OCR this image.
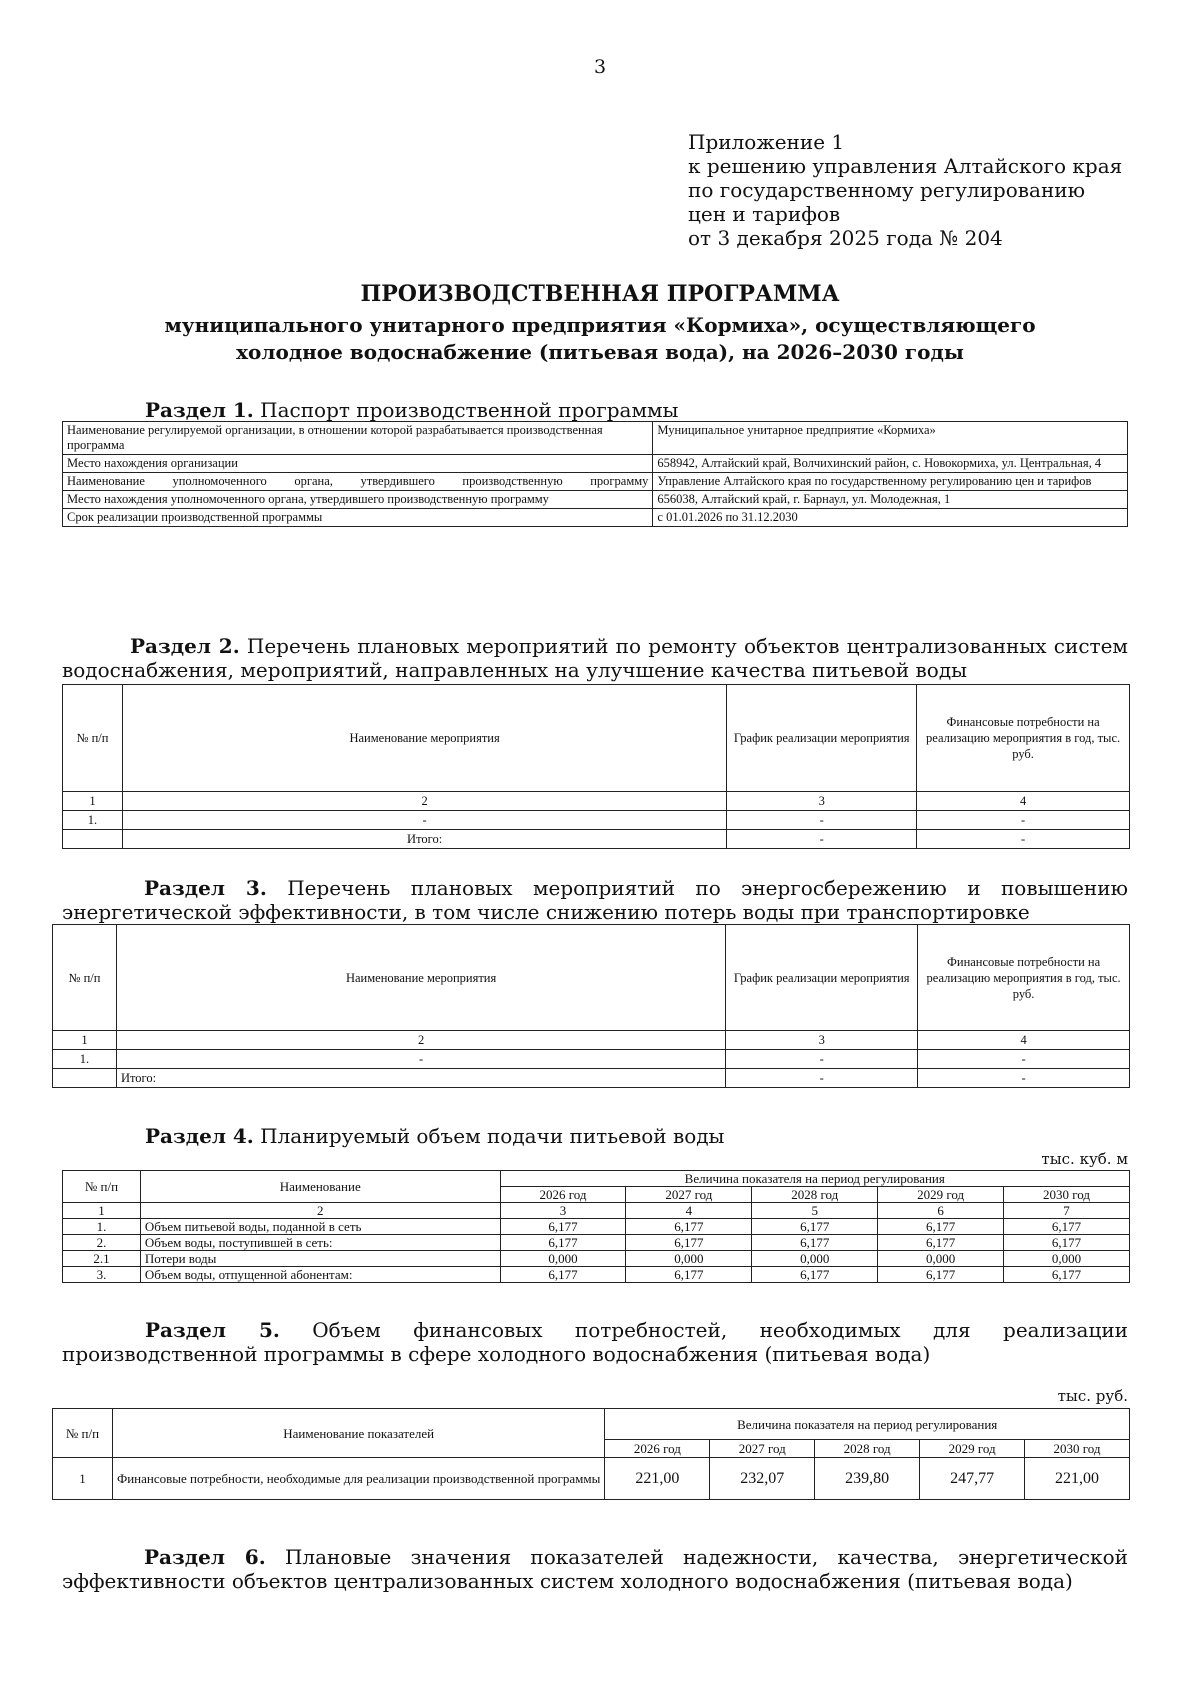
3
Приложение 1
к решению управления Алтайского края
по государственному регулированию
цен и тарифов
от 3 декабря 2025 года № 204
ПРОИЗВОДСТВЕННАЯ ПРОГРАММА
муниципального унитарного предприятия «Кормиха», осуществляющего холодное водоснабжение (питьевая вода), на 2026–2030 годы
Раздел 1. Паспорт производственной программы
Наименование регулируемой организации, в отношении которой разрабатывается производственная программа	Муниципальное унитарное предприятие «Кормиха»
Место нахождения организации	658942, Алтайский край, Волчихинский район, с. Новокормиха, ул. Центральная, 4
Наименование уполномоченного органа, утвердившего производственную программу	Управление Алтайского края по государственному регулированию цен и тарифов
Место нахождения уполномоченного органа, утвердившего производственную программу	656038, Алтайский край, г. Барнаул, ул. Молодежная, 1
Срок реализации производственной программы	с 01.01.2026 по 31.12.2030
Раздел 2. Перечень плановых мероприятий по ремонту объектов централизованных систем водоснабжения, мероприятий, направленных на улучшение качества питьевой воды
№ п/п	Наименование мероприятия	График реализации мероприятия	Финансовые потребности на реализацию мероприятия в год, тыс. руб.
1	2	3	4
1.	-	-	-
	Итого:	-	-
Раздел 3. Перечень плановых мероприятий по энергосбережению и повышению энергетической эффективности, в том числе снижению потерь воды при транспортировке
№ п/п	Наименование мероприятия	График реализации мероприятия	Финансовые потребности на реализацию мероприятия в год, тыс. руб.
1	2	3	4
1.	-	-	-
	Итого:	-	-
Раздел 4. Планируемый объем подачи питьевой воды
тыс. куб. м
№ п/п	Наименование	Величина показателя на период регулирования				
		2026 год	2027 год	2028 год	2029 год	2030 год
1	2	3	4	5	6	7
1.	Объем питьевой воды, поданной в сеть	6,177	6,177	6,177	6,177	6,177
2.	Объем воды, поступившей в сеть:	6,177	6,177	6,177	6,177	6,177
2.1	Потери воды	0,000	0,000	0,000	0,000	0,000
3.	Объем воды, отпущенной абонентам:	6,177	6,177	6,177	6,177	6,177
Раздел 5. Объем финансовых потребностей, необходимых для реализации производственной программы в сфере холодного водоснабжения (питьевая вода)
тыс. руб.
№ п/п	Наименование показателей	Величина показателя на период регулирования				
		2026 год	2027 год	2028 год	2029 год	2030 год
1	Финансовые потребности, необходимые для реализации производственной программы	221,00	232,07	239,80	247,77	221,00
Раздел 6. Плановые значения показателей надежности, качества, энергетической эффективности объектов централизованных систем холодного водоснабжения (питьевая вода)
